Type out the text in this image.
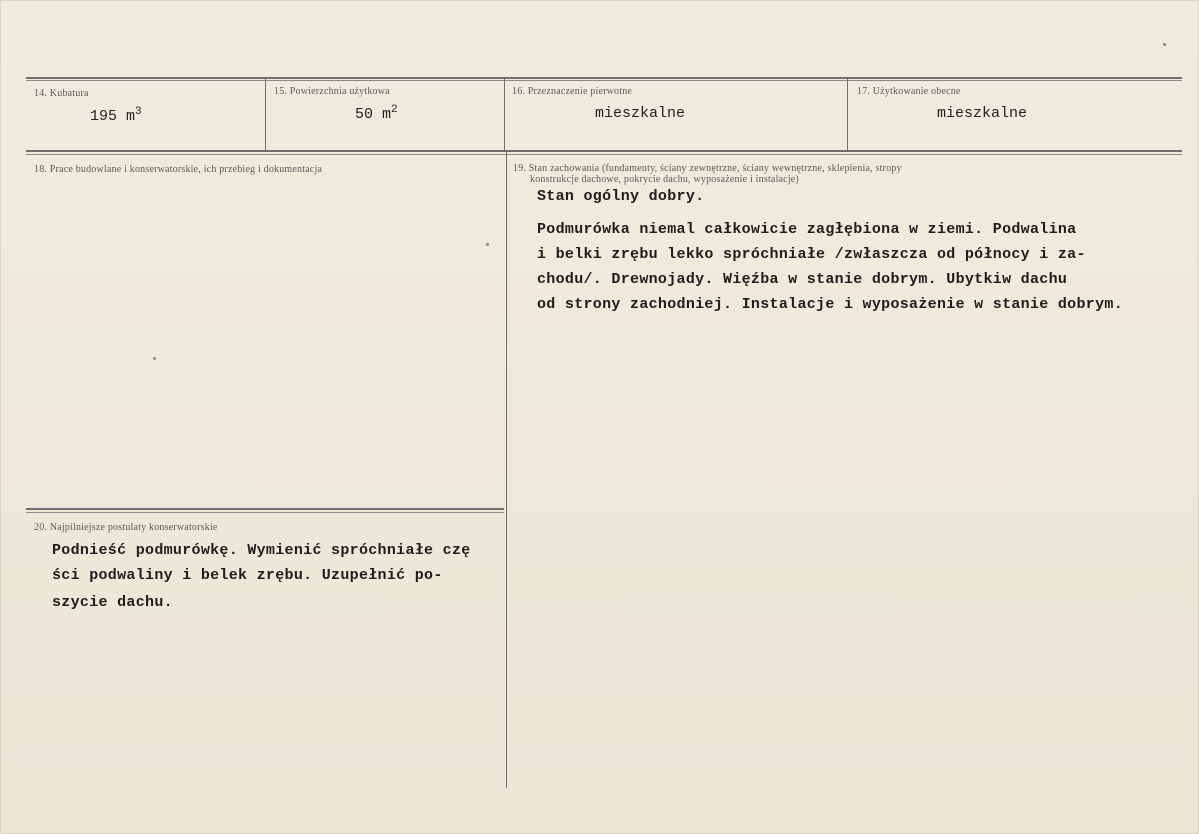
14. Kubatura
195 $m^3$
15. Powierzchnia użytkowa
50 $m^2$
16. Przeznaczenie pierwotne
mieszkalne
17. Użytkowanie obecne
mieszkalne
18. Prace budowlane i konserwatorskie, ich przebieg i dokumentacja	19. Stan zachowania (fundamenty, ściany zewnętrzne, ściany wewnętrzne, sklepienia, stropy
konstrukcje dachowe, pokrycie dachu, wyposażenie i instalacje)
Stan ogólny dobry.
Podmurówka niemal całkowicie zagłębiona w ziemi. Podwalina
i belki zrębu lekko spróchniałe /zwłaszcza od północy i za-
chodu/. Drewnojady. Więźba w stanie dobrym. Ubytkiw dachu
od strony zachodniej. Instalacje i wyposażenie w stanie dobrym.
20. Najpilniejsze postulaty konserwatorskie
Podnieść podmurówkę. Wymienić spróchniałe czę
ści podwaliny i belek zrębu. Uzupełnić po-
szycie dachu.
